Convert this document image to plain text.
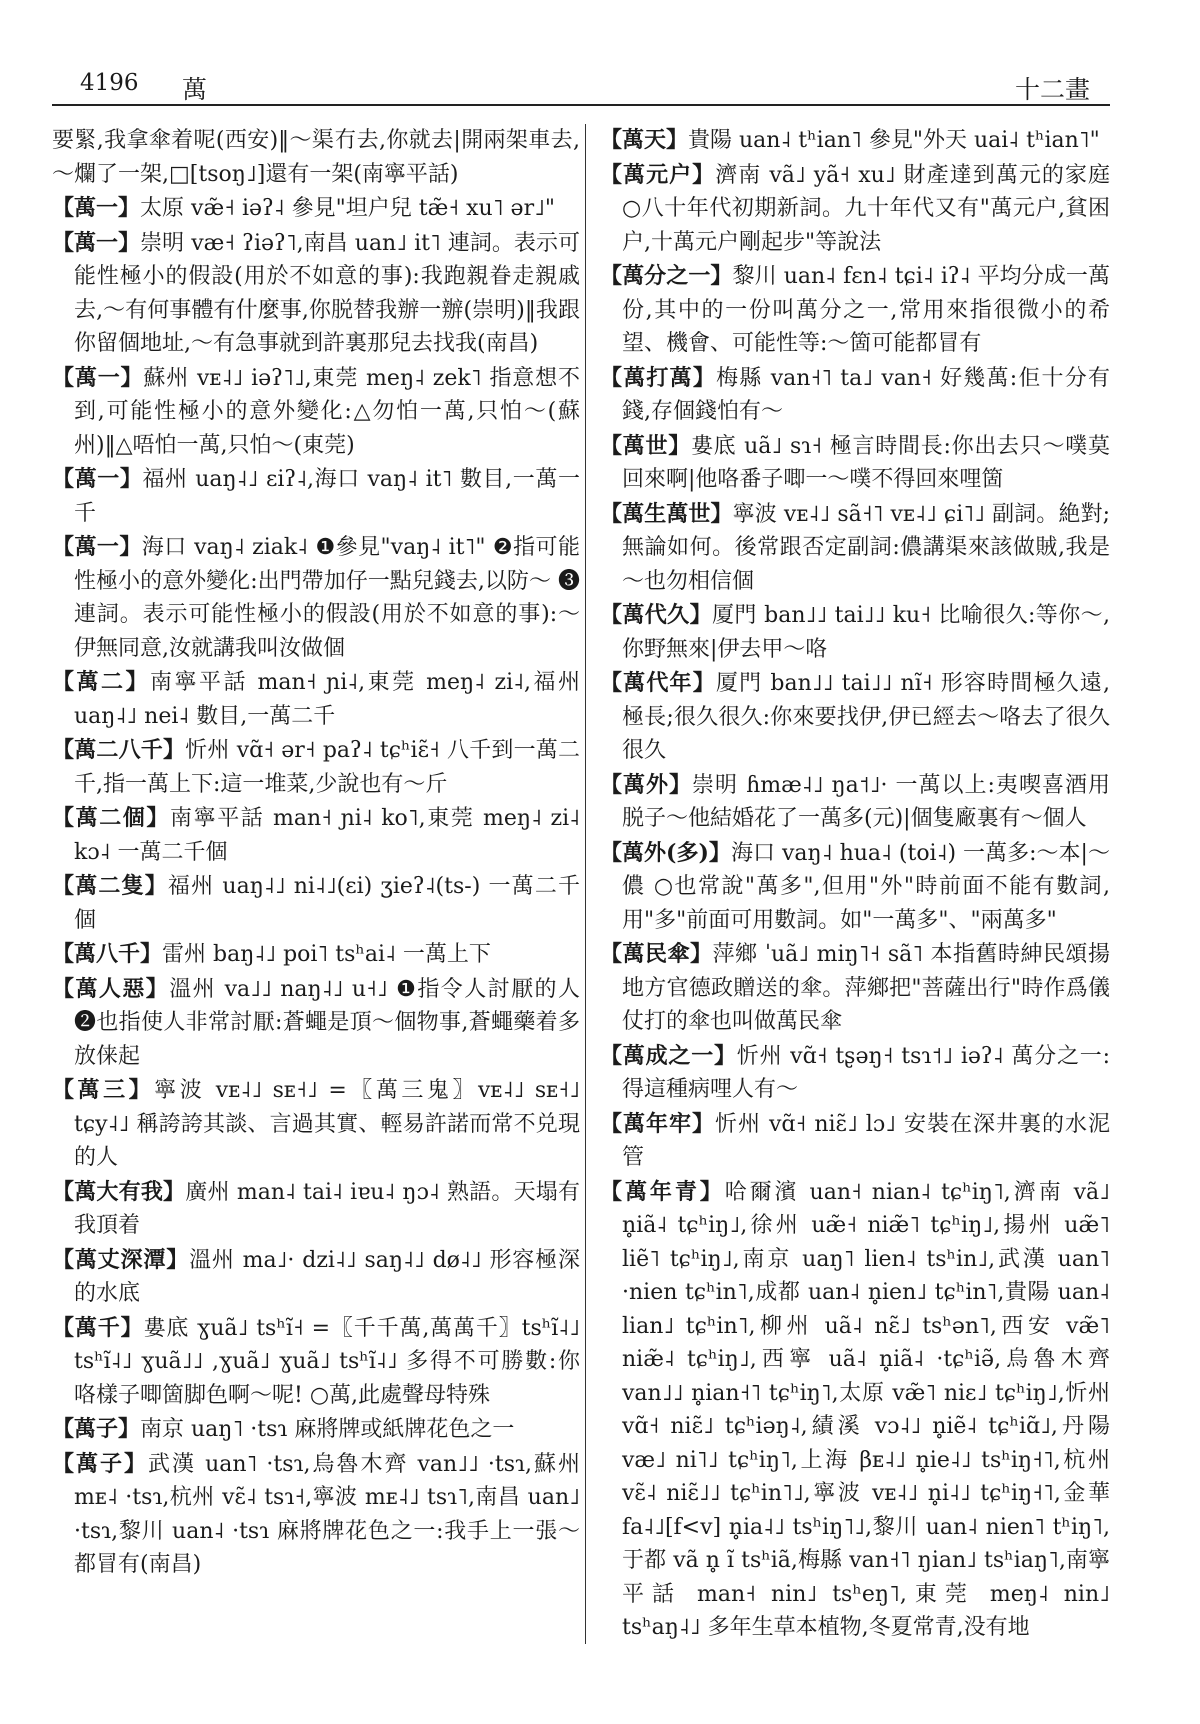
4196 萬	十二畫
要緊,我拿傘着呢(西安)‖～渠冇去,你就去|開兩架車去,～爛了一架,□[tsoŋ˩]還有一架(南寧平話)
【萬一】太原 væ̃˧ iəʔ˨ 參見"坦户兒 tæ̃˧ xu˥ ər˩"
【萬一】崇明 væ˧ ʔiəʔ˥,南昌 uan˩ it˥ 連詞。表示可能性極小的假設(用於不如意的事):我跑親眷走親戚去,～有何事體有什麼事,你脱替我辦一辦(崇明)‖我跟你留個地址,～有急事就到許裏那兒去找我(南昌)
【萬一】蘇州 vᴇ˨˩ iəʔ˥˩,東莞 meŋ˨ zek˥ 指意想不到,可能性極小的意外變化:△勿怕一萬,只怕～(蘇州)‖△唔怕一萬,只怕～(東莞)
【萬一】福州 uaŋ˨˩ ɛiʔ˨,海口 vaŋ˨ it˥ 數目,一萬一千
【萬一】海口 vaŋ˨ ziak˨ ❶參見"vaŋ˨ it˥" ❷指可能性極小的意外變化:出門帶加仔一點兒錢去,以防～ ❸連詞。表示可能性極小的假設(用於不如意的事):～伊無同意,汝就講我叫汝做個
【萬二】南寧平話 man˧ ɲi˨,東莞 meŋ˨ zi˨,福州 uaŋ˨˩ nei˨ 數目,一萬二千
【萬二八千】忻州 vɑ̃˧ ər˧ paʔ˨ tɕʰiɛ̃˧ 八千到一萬二千,指一萬上下:這一堆菜,少說也有～斤
【萬二個】南寧平話 man˧ ɲi˨ ko˥,東莞 meŋ˨ zi˨ kɔ˨ 一萬二千個
【萬二隻】福州 uaŋ˨˩ ni˨˩(ɛi) ʒieʔ˨(ts-) 一萬二千個
【萬八千】雷州 baŋ˨˩ poi˥ tsʰai˨ 一萬上下
【萬人惡】溫州 va˩˩ naŋ˨˩ u˧˩ ❶指令人討厭的人 ❷也指使人非常討厭:蒼蠅是頂～個物事,蒼蠅藥着多放俫起
【萬三】寧波 vᴇ˨˩ sᴇ˧˩ =〖萬三鬼〗vᴇ˨˩ sᴇ˧˩ tɕy˨˩ 稱誇誇其談、言過其實、輕易許諾而常不兑現的人
【萬大有我】廣州 man˨ tai˨ iɐu˨ ŋɔ˨ 熟語。天塌有我頂着
【萬丈深潭】溫州 ma˩· dzi˨˩ saŋ˨˩ dø˨˩ 形容極深的水底
【萬千】婁底 ɣuã˩ tsʰĩ˧ =〖千千萬,萬萬千〗tsʰĩ˨˩ tsʰĩ˨˩ ɣuã˩˩ ,ɣuã˩ ɣuã˩ tsʰĩ˨˩ 多得不可勝數:你咯樣子唧箇脚色啊～呢! ○萬,此處聲母特殊
【萬子】南京 uaŋ˥ ·tsɿ 麻將牌或紙牌花色之一
【萬子】武漢 uan˥ ·tsɿ,烏魯木齊 van˩˩ ·tsɿ,蘇州 mᴇ˨ ·tsɿ,杭州 vɛ̃˨ tsɿ˧,寧波 mᴇ˨˩ tsɿ˥,南昌 uan˩ ·tsɿ,黎川 uan˨ ·tsɿ 麻將牌花色之一:我手上一張～都冒有(南昌)
【萬天】貴陽 uan˨ tʰian˥ 參見"外天 uai˨ tʰian˥"
【萬元户】濟南 vã˩ yã˧ xu˩ 財產達到萬元的家庭 ○八十年代初期新詞。九十年代又有"萬元户,貧困户,十萬元户剛起步"等說法
【萬分之一】黎川 uan˨ fɛn˨ tɕi˨ iʔ˨ 平均分成一萬份,其中的一份叫萬分之一,常用來指很微小的希望、機會、可能性等:～箇可能都冒有
【萬打萬】梅縣 van˧˥ ta˩ van˧ 好幾萬:佢十分有錢,存個錢怕有～
【萬世】婁底 uã˩ sɿ˧ 極言時間長:你出去只～噗莫回來啊|他咯番子唧一～噗不得回來哩箇
【萬生萬世】寧波 vᴇ˨˩ sã˧˥ vᴇ˨˩ ɕi˥˩ 副詞。絶對;無論如何。後常跟否定副詞:儂講渠來該做賊,我是～也勿相信個
【萬代久】厦門 ban˩˩ tai˩˩ ku˧ 比喻很久:等你～,你野無來|伊去甲～咯
【萬代年】厦門 ban˩˩ tai˩˩ nĩ˧ 形容時間極久遠,極長;很久很久:你來要找伊,伊已經去～咯去了很久很久
【萬外】崇明 ɦmæ˨˩ ŋa˦˩· 一萬以上:夷喫喜酒用脱子～他結婚花了一萬多(元)|個隻廠裏有～個人
【萬外(多)】海口 vaŋ˨ hua˨ (toi˨) 一萬多:～本|～儂 ○也常說"萬多",但用"外"時前面不能有數詞,用"多"前面可用數詞。如"一萬多"、"兩萬多"
【萬民傘】萍鄉 ˈuã˩ miŋ˥˧ sã˥ 本指舊時紳民頌揚地方官德政贈送的傘。萍鄉把"菩薩出行"時作爲儀仗打的傘也叫做萬民傘
【萬成之一】忻州 vɑ̃˧ tʂəŋ˧ tsɿ˦˩ iəʔ˨ 萬分之一:得這種病哩人有～
【萬年牢】忻州 vɑ̃˧ niɛ̃˩ lɔ˩ 安裝在深井裏的水泥管
【萬年青】哈爾濱 uan˧ nian˨ tɕʰiŋ˥,濟南 vã˩ n̥iã˨ tɕʰiŋ˩,徐州 uæ̃˧ niæ̃˥ tɕʰiŋ˩,揚州 uæ̃˥ liẽ˥ tɕʰiŋ˩,南京 uaŋ˥ lien˨ tsʰin˩,武漢 uan˥ ·nien tɕʰin˥,成都 uan˨ n̥ien˩ tɕʰin˥,貴陽 uan˨ lian˩ tɕʰin˥,柳州 uã˨ nɛ̃˩ tsʰən˥,西安 væ̃˥ niæ̃˨ tɕʰiŋ˩,西寧 uã˨ n̥iã˨ ·tɕʰiə̃,烏魯木齊 van˩˩ n̥ian˧˥ tɕʰiŋ˥,太原 væ̃˥ niɛ˩ tɕʰiŋ˩,忻州 vɑ̃˧ niɛ̃˩ tɕʰiəŋ˨,績溪 vɔ˨˩ n̥iẽ˨ tɕʰiɑ̃˩,丹陽 væ˩ ni˥˩ tɕʰiŋ˥,上海 βᴇ˨˩ n̥ie˨˩ tsʰiŋ˧˥,杭州 vɛ̃˨ niɛ̃˩˩ tɕʰin˥˩,寧波 vᴇ˨˩ n̥i˨˩ tɕʰiŋ˧˥,金華 fa˨˩[f<v] n̥ia˨˩ tsʰiŋ˥˩,黎川 uan˨ nien˥ tʰiŋ˥,于都 vã n̥ ĩ tsʰiã,梅縣 van˧˥ ŋian˩ tsʰiaŋ˥,南寧平話 man˧ nin˩ tsʰeŋ˥,東莞 meŋ˨ nin˩ tsʰaŋ˨˩ 多年生草本植物,冬夏常青,没有地
